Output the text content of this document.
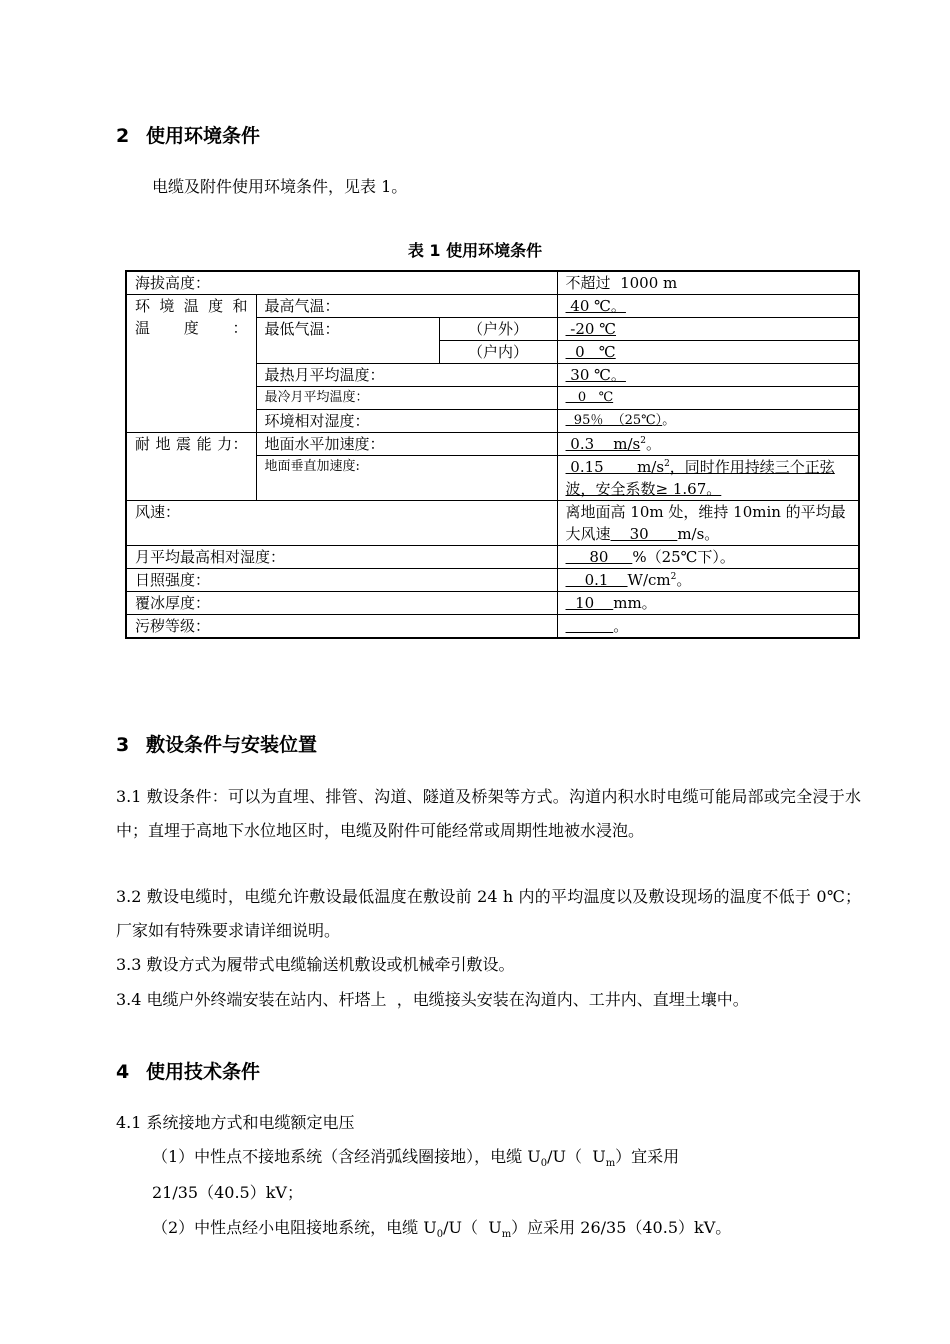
2 使用环境条件
电缆及附件使用环境条件，见表 1。
表 1 使用环境条件
海拔高度：			不超过  1000 m
环 境 温 度 和 温度：	最高气温：		40 ℃。
	最低气温：	（户外）	-20 ℃
		（户内）	0   ℃
	最热月平均温度：		30 ℃。
	最冷月平均温度：		0   ℃
	环境相对湿度：		95％  （25℃）。
耐 地 震 能 力：	地面水平加速度：		0.3    $m/s^2$。
	地面垂直加速度:		0.15       $m/s^2$，同时作用持续三个正弦波，安全系数≥ 1.67。
风速：			离地面高 10m 处，维持 10min 的平均最大风速    30      m/s。
月平均最高相对湿度：			80     %（25℃下）。
日照强度：			0.1    $W/cm^2$。
覆冰厚度：			10    mm。
污秽等级：			。
3 敷设条件与安装位置
3.1 敷设条件：可以为直埋、排管、沟道、隧道及桥架等方式。沟道内积水时电缆可能局部或完全浸于水中；直埋于高地下水位地区时，电缆及附件可能经常或周期性地被水浸泡。
3.2 敷设电缆时，电缆允许敷设最低温度在敷设前 24 h 内的平均温度以及敷设现场的温度不低于 0℃；厂家如有特殊要求请详细说明。
3.3 敷设方式为履带式电缆输送机敷设或机械牵引敷设。
3.4 电缆户外终端安装在站内、杆塔上  ，电缆接头安装在沟道内、工井内、直埋土壤中。
4 使用技术条件
4.1 系统接地方式和电缆额定电压
（1）中性点不接地系统（含经消弧线圈接地），电缆 $U_0/U$（  $U_m$）宜采用
21/35（40.5）kV；
（2）中性点经小电阻接地系统，电缆 $U_0/U$（  $U_m$）应采用 26/35（40.5）kV。
